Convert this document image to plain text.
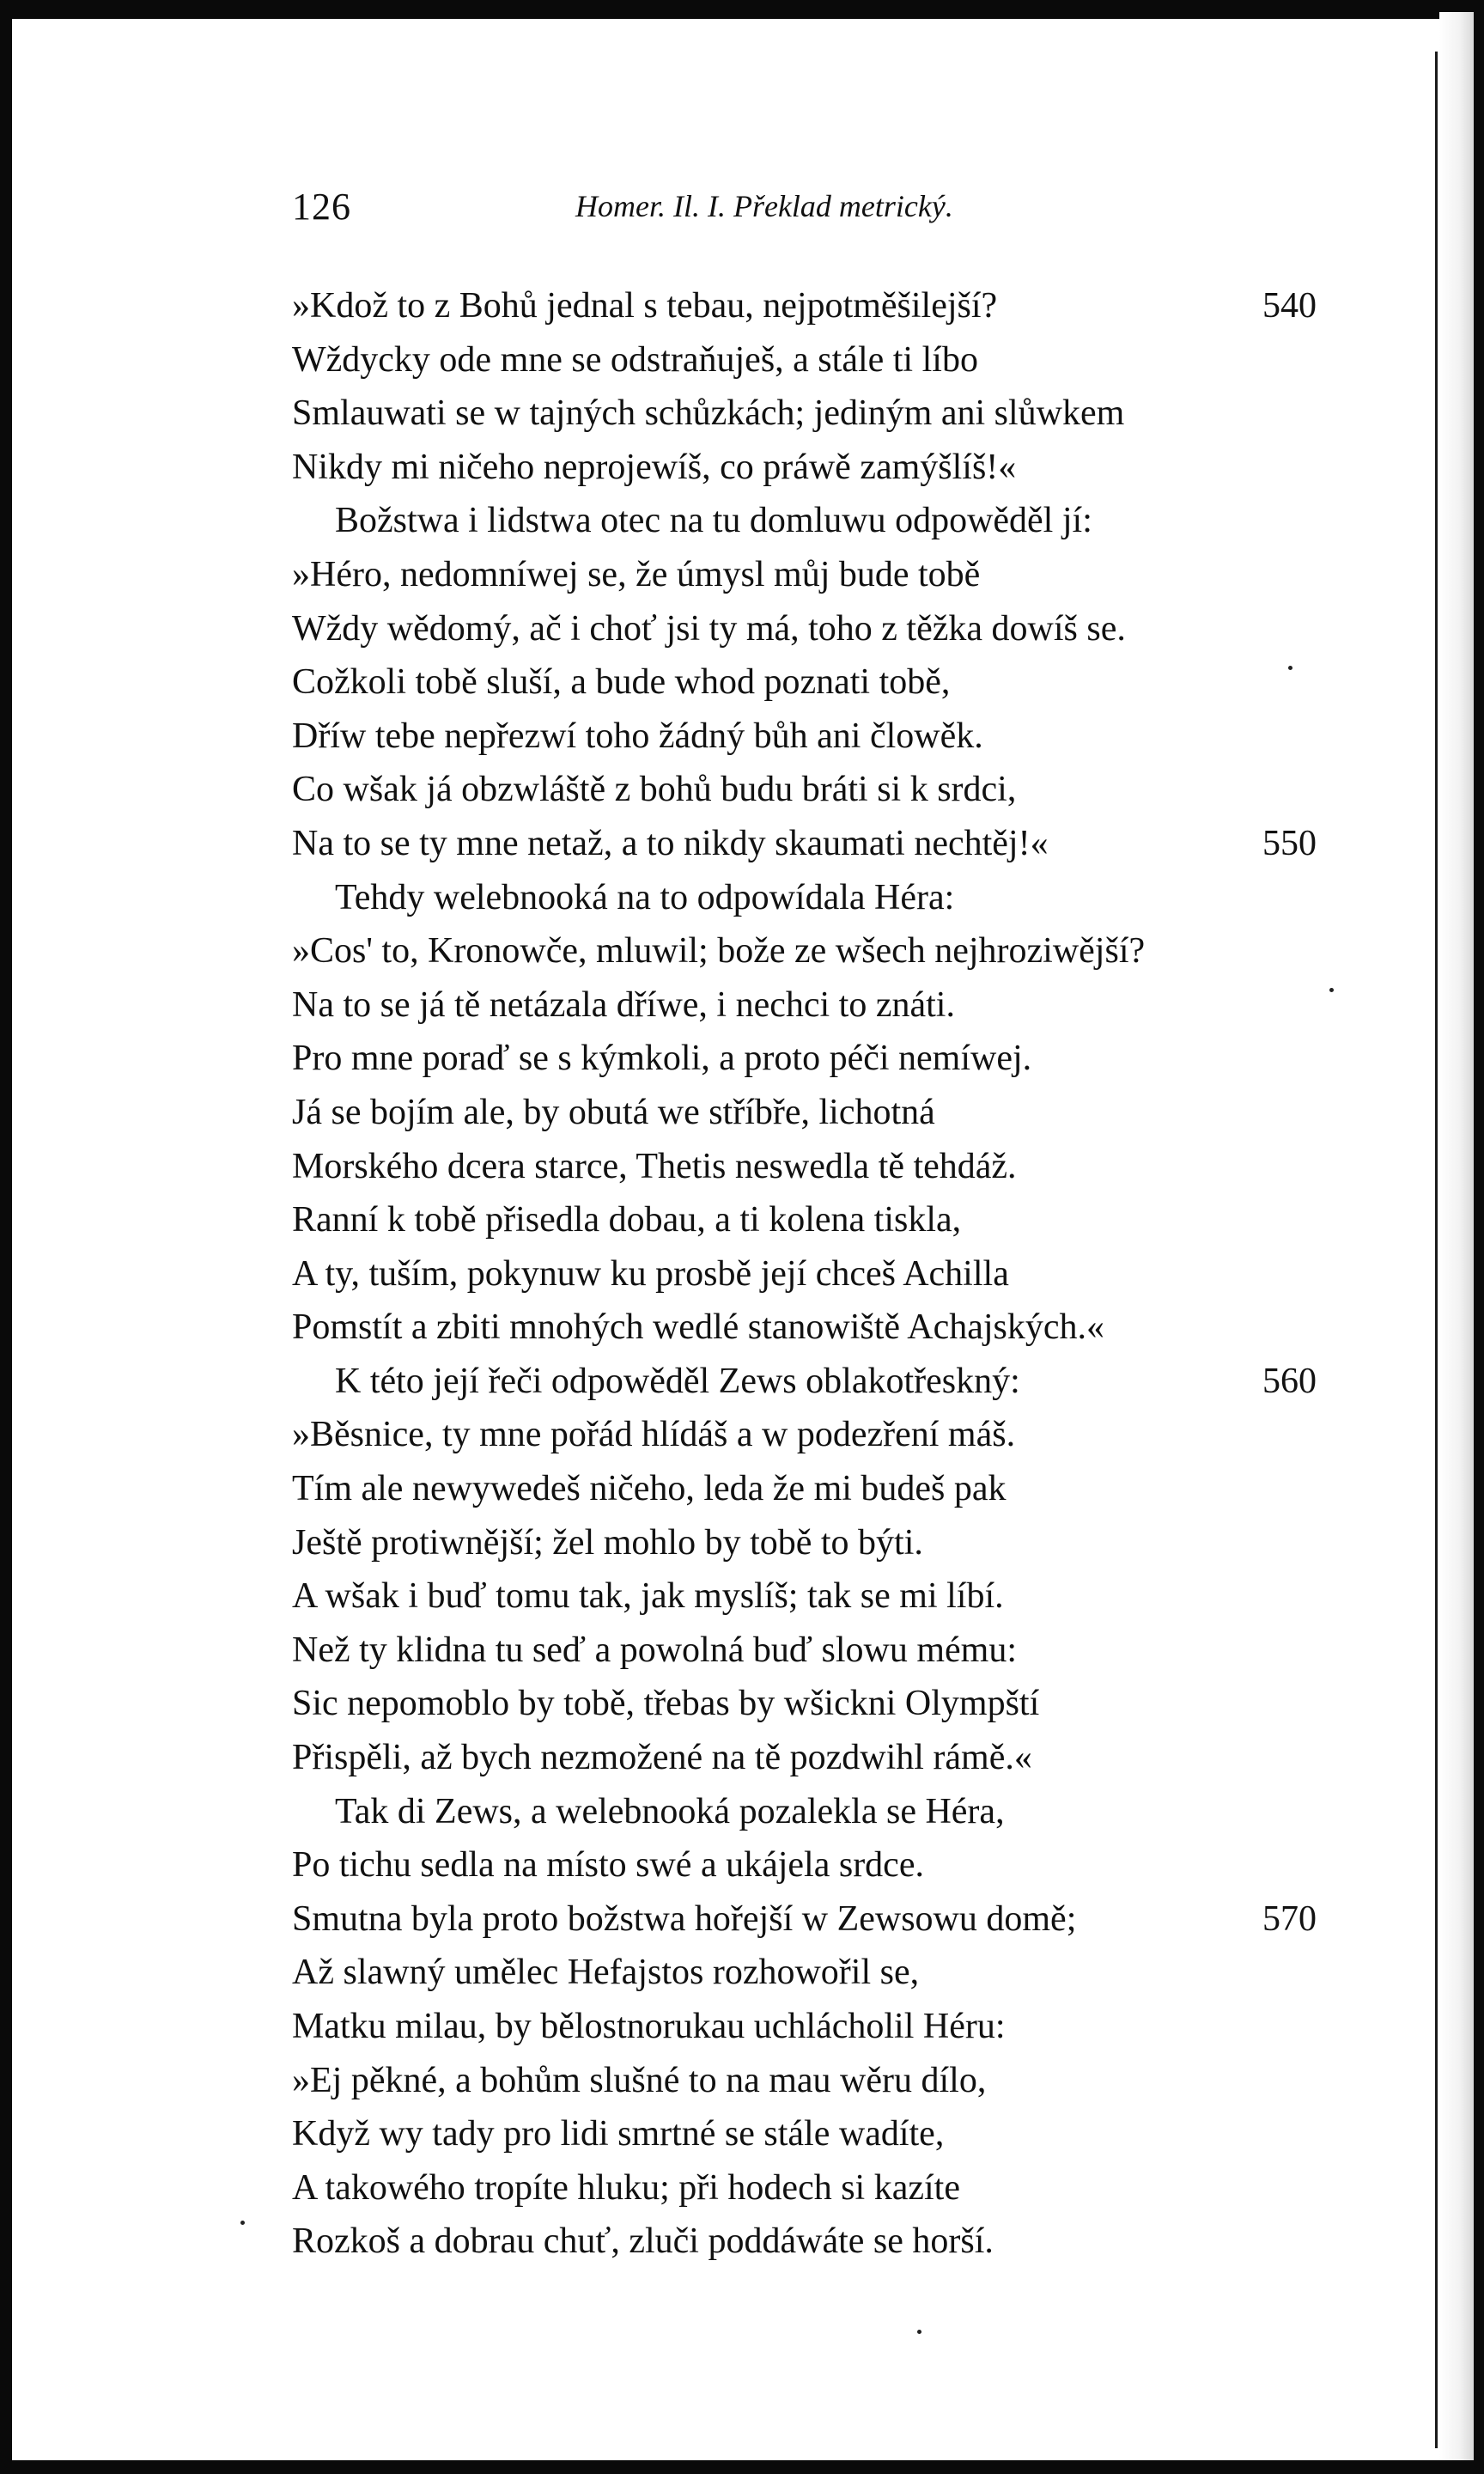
126	Homer. Il. I. Překlad metrický.
»Kdož to z Bohů jednal s tebau, nejpotměšilejší?	540
Wždycky ode mne se odstraňuješ, a stále ti líbo
Smlauwati se w tajných schůzkách; jediným ani slůwkem
Nikdy mi ničeho neprojewíš, co práwě zamýšlíš!«
Božstwa i lidstwa otec na tu domluwu odpowěděl jí:
»Héro, nedomníwej se, že úmysl můj bude tobě
Wždy wědomý, ač i choť jsi ty má, toho z těžka dowíš se.
Cožkoli tobě sluší, a bude whod poznati tobě,
Dříw tebe nepřezwí toho žádný bůh ani člowěk.
Co wšak já obzwláště z bohů budu bráti si k srdci,
Na to se ty mne netaž, a to nikdy skaumati nechtěj!«	550
Tehdy welebnooká na to odpowídala Héra:
»Cos' to, Kronowče, mluwil; bože ze wšech nejhroziwější?
Na to se já tě netázala dříwe, i nechci to znáti.
Pro mne poraď se s kýmkoli, a proto péči nemíwej.
Já se bojím ale, by obutá we stříbře, lichotná
Morského dcera starce, Thetis neswedla tě tehdáž.
Ranní k tobě přisedla dobau, a ti kolena tiskla,
A ty, tuším, pokynuw ku prosbě její chceš Achilla
Pomstít a zbiti mnohých wedlé stanowiště Achajských.«
K této její řeči odpowěděl Zews oblakotřeskný:	560
»Běsnice, ty mne pořád hlídáš a w podezření máš.
Tím ale newywedeš ničeho, leda že mi budeš pak
Ještě protiwnější; žel mohlo by tobě to býti.
A wšak i buď tomu tak, jak myslíš; tak se mi líbí.
Než ty klidna tu seď a powolná buď slowu mému:
Sic nepomoblo by tobě, třebas by wšickni Olympští
Přispěli, až bych nezmožené na tě pozdwihl rámě.«
Tak di Zews, a welebnooká pozalekla se Héra,
Po tichu sedla na místo swé a ukájela srdce.
Smutna byla proto božstwa hořejší w Zewsowu domě;	570
Až slawný umělec Hefajstos rozhowořil se,
Matku milau, by bělostnorukau uchlácholil Héru:
»Ej pěkné, a bohům slušné to na mau wěru dílo,
Když wy tady pro lidi smrtné se stále wadíte,
A takowého tropíte hluku; při hodech si kazíte
Rozkoš a dobrau chuť, zluči poddáwáte se horší.
